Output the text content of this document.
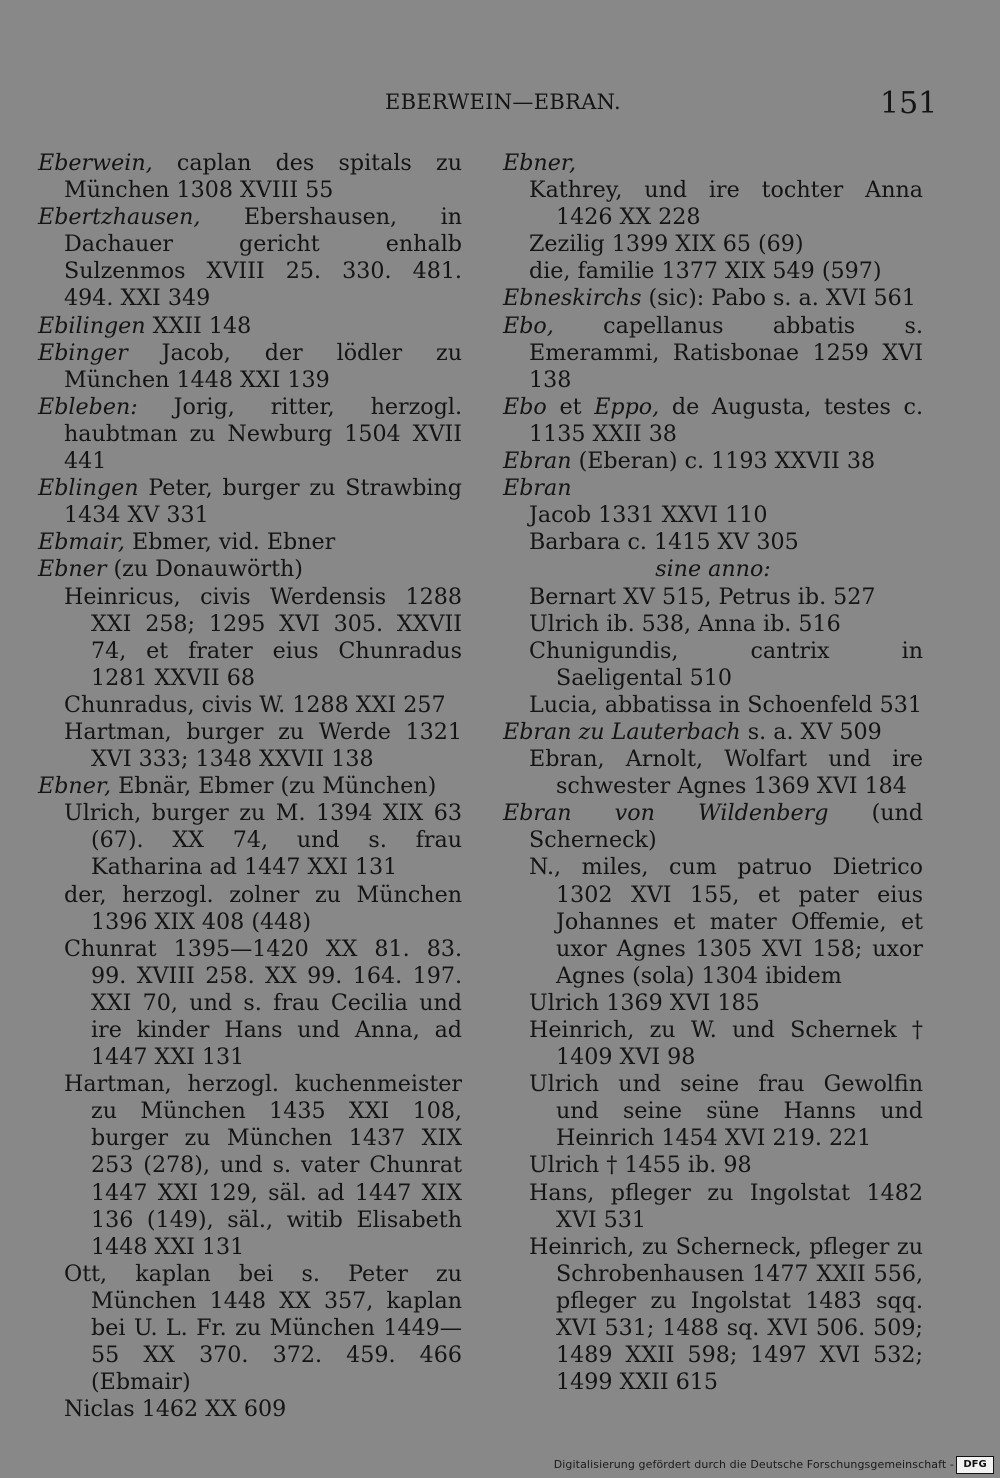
EBERWEIN—EBRAN.	151

Eberwein, caplan des spitals zu München 1308 XVIII 55

Ebertzhausen, Ebershausen, in Dachauer gericht enhalb Sulzenmos XVIII 25. 330. 481. 494. XXI 349

Ebilingen XXII 148

Ebinger Jacob, der lödler zu München 1448 XXI 139

Ebleben: Jorig, ritter, herzogl. haubtman zu Newburg 1504 XVII 441

Eblingen Peter, burger zu Strawbing 1434 XV 331

Ebmair, Ebmer, vid. Ebner

Ebner (zu Donauwörth)

Heinricus, civis Werdensis 1288 XXI 258; 1295 XVI 305. XXVII 74, et frater eius Chunradus 1281 XXVII 68

Chunradus, civis W. 1288 XXI 257

Hartman, burger zu Werde 1321 XVI 333; 1348 XXVII 138

Ebner, Ebnär, Ebmer (zu München)

Ulrich, burger zu M. 1394 XIX 63 (67). XX 74, und s. frau Katharina ad 1447 XXI 131

der, herzogl. zolner zu München 1396 XIX 408 (448)

Chunrat 1395—1420 XX 81. 83. 99. XVIII 258. XX 99. 164. 197. XXI 70, und s. frau Cecilia und ire kinder Hans und Anna, ad 1447 XXI 131

Hartman, herzogl. kuchenmeister zu München 1435 XXI 108, burger zu München 1437 XIX 253 (278), und s. vater Chunrat 1447 XXI 129, säl. ad 1447 XIX 136 (149), säl., witib Elisabeth 1448 XXI 131

Ott, kaplan bei s. Peter zu München 1448 XX 357, kaplan bei U. L. Fr. zu München 1449—55 XX 370. 372. 459. 466 (Ebmair)

Niclas 1462 XX 609

Ebner,

Kathrey, und ire tochter Anna 1426 XX 228

Zezilig 1399 XIX 65 (69)

die, familie 1377 XIX 549 (597)

Ebneskirchs (sic): Pabo s. a. XVI 561

Ebo, capellanus abbatis s. Emerammi, Ratisbonae 1259 XVI 138

Ebo et Eppo, de Augusta, testes c. 1135 XXII 38

Ebran (Eberan) c. 1193 XXVII 38

Ebran

Jacob 1331 XXVI 110

Barbara c. 1415 XV 305

sine anno:

Bernart XV 515, Petrus ib. 527

Ulrich ib. 538, Anna ib. 516

Chunigundis, cantrix in Saeligental 510

Lucia, abbatissa in Schoenfeld 531

Ebran zu Lauterbach s. a. XV 509

Ebran, Arnolt, Wolfart und ire schwester Agnes 1369 XVI 184

Ebran von Wildenberg (und Scherneck)

N., miles, cum patruo Dietrico 1302 XVI 155, et pater eius Johannes et mater Offemie, et uxor Agnes 1305 XVI 158; uxor Agnes (sola) 1304 ibidem

Ulrich 1369 XVI 185

Heinrich, zu W. und Schernek † 1409 XVI 98

Ulrich und seine frau Gewolfin und seine süne Hanns und Heinrich 1454 XVI 219. 221

Ulrich † 1455 ib. 98

Hans, pfleger zu Ingolstat 1482 XVI 531

Heinrich, zu Scherneck, pfleger zu Schrobenhausen 1477 XXII 556, pfleger zu Ingolstat 1483 sqq. XVI 531; 1488 sq. XVI 506. 509; 1489 XXII 598; 1497 XVI 532; 1499 XXII 615

Digitalisierung gefördert durch die Deutsche Forschungsgemeinschaft - DFG
